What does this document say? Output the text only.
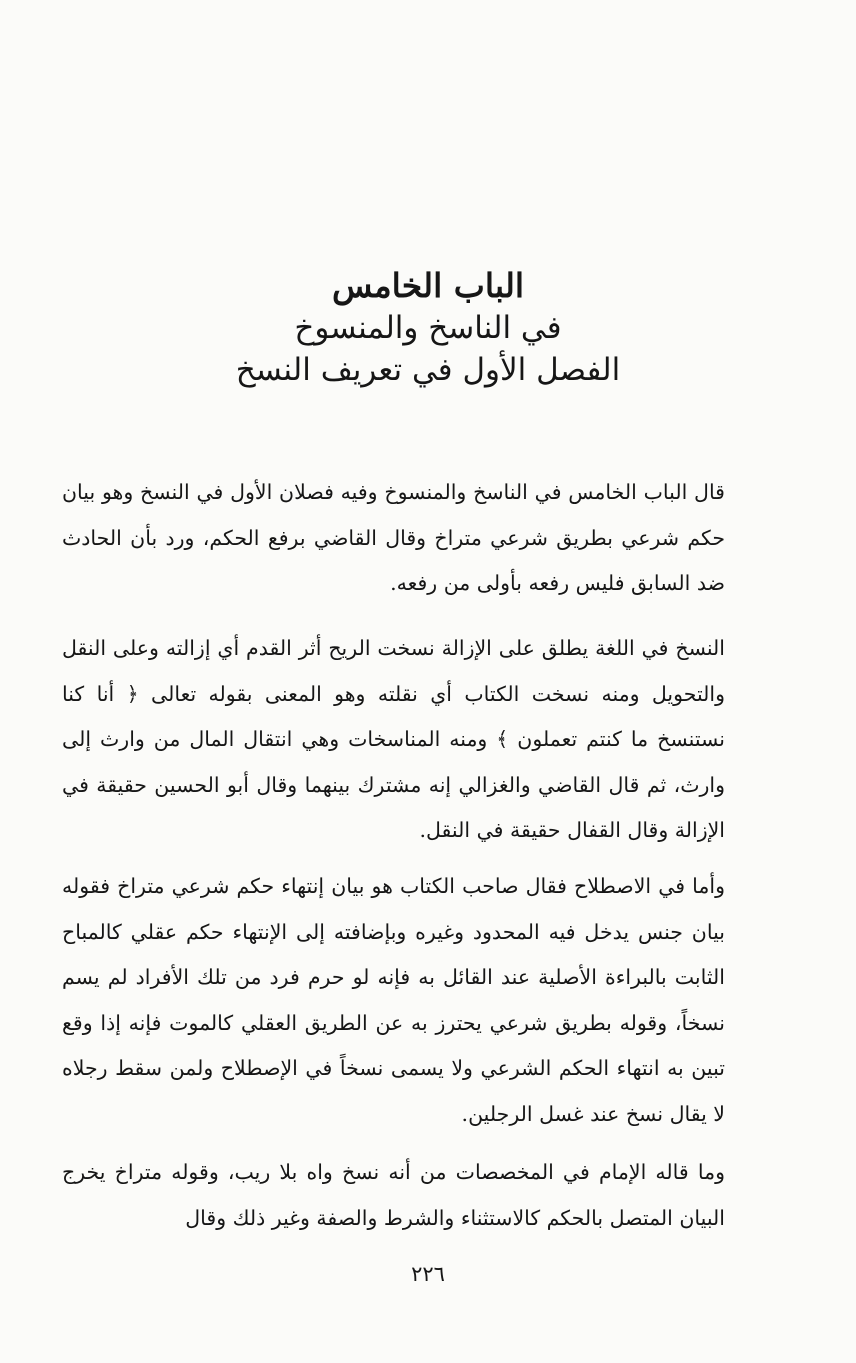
الباب الخامس
في الناسخ والمنسوخ
الفصل الأول في تعريف النسخ

قال الباب الخامس في الناسخ والمنسوخ وفيه فصلان الأول في النسخ وهو بيان حكم شرعي بطريق شرعي متراخ وقال القاضي برفع الحكم، ورد بأن الحادث ضد السابق فليس رفعه بأولى من رفعه.

النسخ في اللغة يطلق على الإزالة نسخت الريح أثر القدم أي إزالته وعلى النقل والتحويل ومنه نسخت الكتاب أي نقلته وهو المعنى بقوله تعالى ﴿ أنا كنا نستنسخ ما كنتم تعملون ﴾ ومنه المناسخات وهي انتقال المال من وارث إلى وارث، ثم قال القاضي والغزالي إنه مشترك بينهما وقال أبو الحسين حقيقة في الإزالة وقال القفال حقيقة في النقل.

وأما في الاصطلاح فقال صاحب الكتاب هو بيان إنتهاء حكم شرعي متراخ فقوله بيان جنس يدخل فيه المحدود وغيره وبإضافته إلى الإنتهاء حكم عقلي كالمباح الثابت بالبراءة الأصلية عند القائل به فإنه لو حرم فرد من تلك الأفراد لم يسم نسخاً، وقوله بطريق شرعي يحترز به عن الطريق العقلي كالموت فإنه إذا وقع تبين به انتهاء الحكم الشرعي ولا يسمى نسخاً في الإصطلاح ولمن سقط رجلاه لا يقال نسخ عند غسل الرجلين.

وما قاله الإمام في المخصصات من أنه نسخ واه بلا ريب، وقوله متراخ يخرج البيان المتصل بالحكم كالاستثناء والشرط والصفة وغير ذلك وقال

٢٢٦
